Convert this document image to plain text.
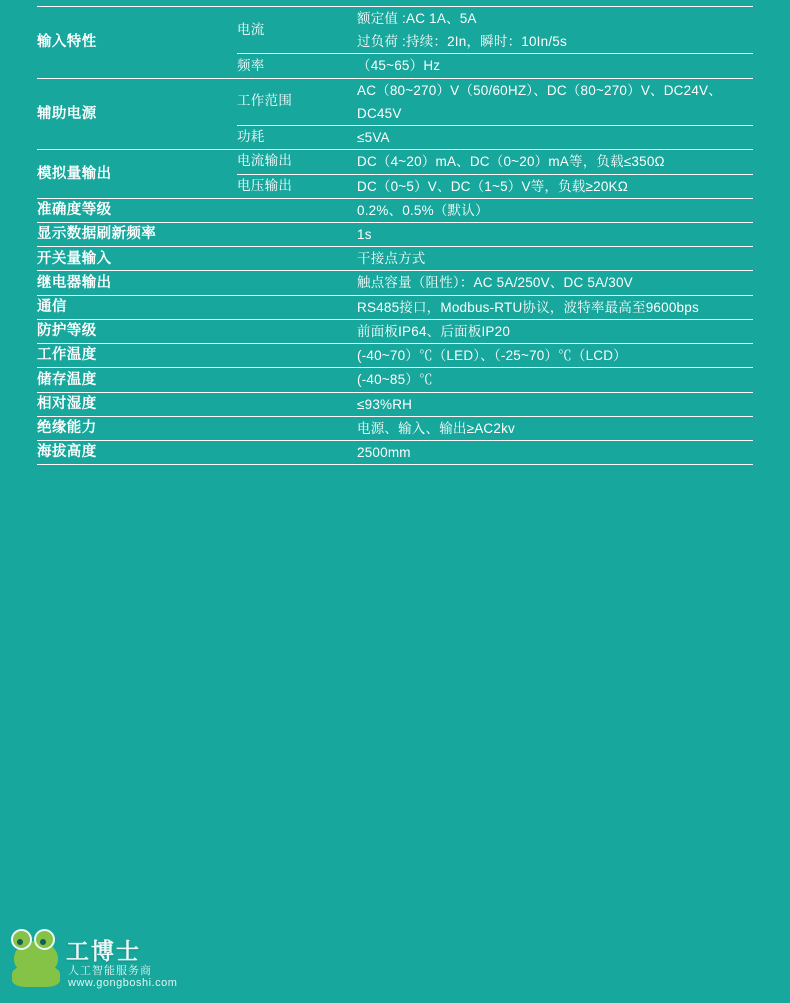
输入特性	电流	额定值 :AC 1A、5A
过负荷 :持续：2In，瞬时：10In/5s

	频率	（45~65）Hz
辅助电源	工作范围	AC（80~270）V（50/60HZ）、DC（80~270）V、DC24V、DC45V
	功耗	≤5VA
模拟量输出	电流输出	DC（4~20）mA、DC（0~20）mA等，负载≤350Ω
	电压输出	DC（0~5）V、DC（1~5）V等，负载≥20KΩ
准确度等级		0.2%、0.5%（默认）
显示数据刷新频率		1s
开关量输入		干接点方式
继电器输出		触点容量（阻性）：AC 5A/250V、DC 5A/30V
通信		RS485接口，Modbus-RTU协议，波特率最高至9600bps
防护等级		前面板IP64、后面板IP20
工作温度		(-40~70）℃（LED）、（-25~70）℃（LCD）
储存温度		(-40~85）℃
相对湿度		≤93%RH
绝缘能力		电源、输入、输出≥AC2kv
海拔高度		2500mm
工博士
人工智能服务商
www.gongboshi.com
